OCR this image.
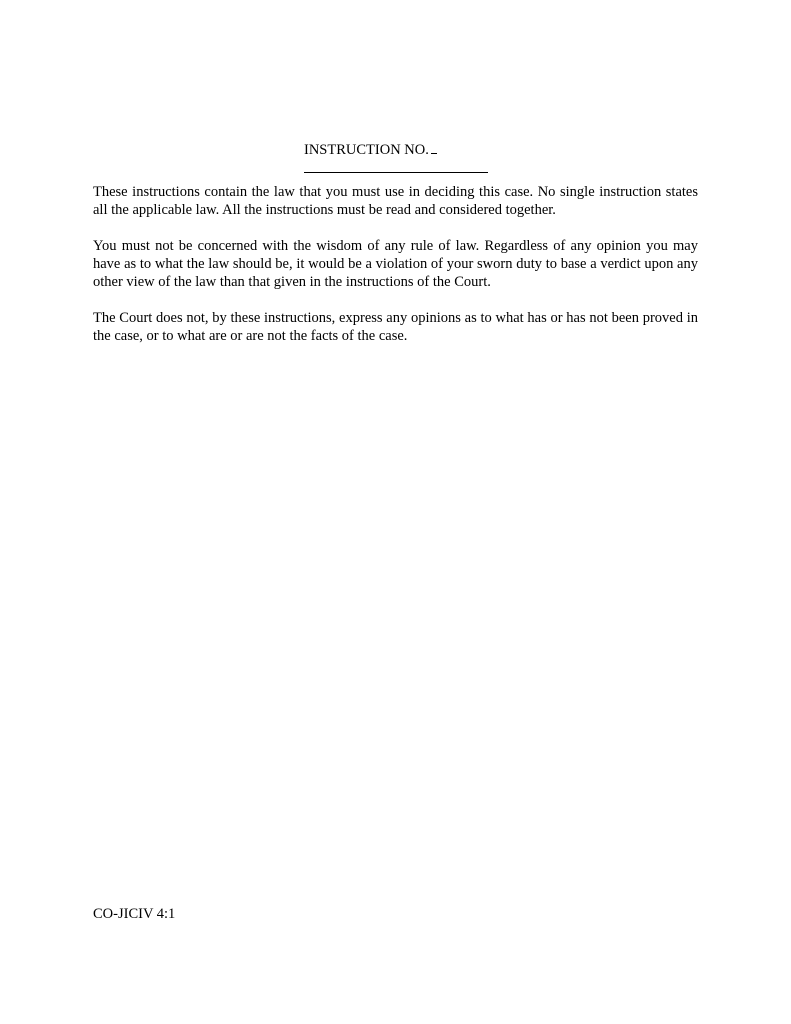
INSTRUCTION NO.

These instructions contain the law that you must use in deciding this case. No single instruction states all the applicable law. All the instructions must be read and considered together.

You must not be concerned with the wisdom of any rule of law. Regardless of any opinion you may have as to what the law should be, it would be a violation of your sworn duty to base a verdict upon any other view of the law than that given in the instructions of the Court.

The Court does not, by these instructions, express any opinions as to what has or has not been proved in the case, or to what are or are not the facts of the case.

CO-JICIV 4:1
